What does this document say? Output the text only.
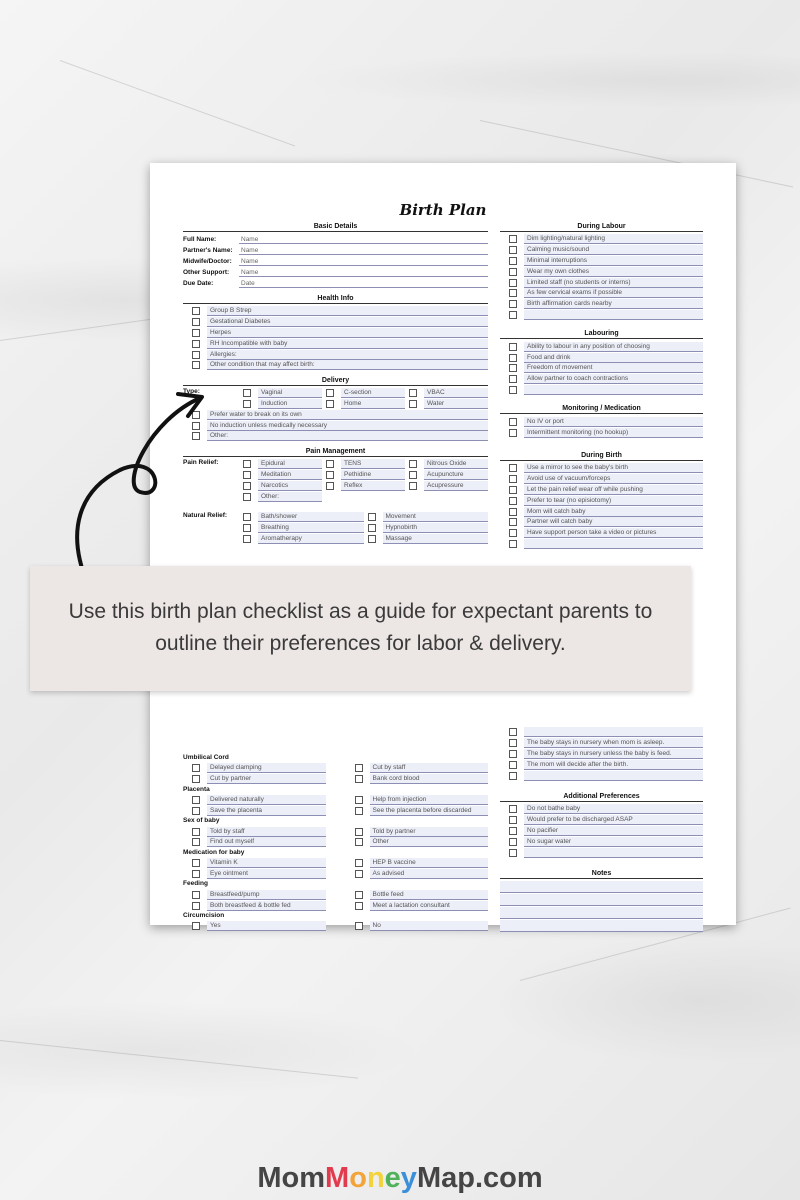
Birth Plan
Basic Details
Full Name:	Name
Partner's Name:	Name
Midwife/Doctor:	Name
Other Support:	Name
Due Date:	Date
Health Info
Group B Strep
Gestational Diabetes
Herpes
RH Incompatible with baby
Allergies:
Other condition that may affect birth:
Delivery
Type:	Vaginal	C-section	VBAC
Induction	Home	Water
Prefer water to break on its own
No induction unless medically necessary
Other:
Pain Management
Pain Relief:	Epidural	TENS	Nitrous Oxide
Meditation	Pethidine	Acupuncture
Narcotics	Reflex	Acupressure
Other:
Natural Relief:	Bath/shower	Movement
Breathing	Hypnobirth
Aromatherapy	Massage
Umbilical Cord
Delayed clamping	Cut by staff
Cut by partner	Bank cord blood
Placenta
Delivered naturally	Help from injection
Save the placenta	See the placenta before discarded
Sex of baby
Told by staff	Told by partner
Find out myself	Other
Medication for baby
Vitamin K	HEP B vaccine
Eye ointment	As advised
Feeding
Breastfeed/pump	Bottle feed
Both breastfeed & bottle fed	Meet a lactation consultant
Circumcision
Yes	No
During Labour
Dim lighting/natural lighting
Calming music/sound
Minimal interruptions
Wear my own clothes
Limited staff (no students or interns)
As few cervical exams if possible
Birth affirmation cards nearby
Labouring
Ability to labour in any position of choosing
Food and drink
Freedom of movement
Allow partner to coach contractions
Monitoring / Medication
No IV or port
Intermittent monitoring (no hookup)
During Birth
Use a mirror to see the baby's birth
Avoid use of vacuum/forceps
Let the pain relief wear off while pushing
Prefer to tear (no episiotomy)
Mom will catch baby
Partner will catch baby
Have support person take a video or pictures
The baby stays in nursery when mom is asleep.
The baby stays in nursery unless the baby is feed.
The mom will decide after the birth.
Additional Preferences
Do not bathe baby
Would prefer to be discharged ASAP
No pacifier
No sugar water
Notes
Use this birth plan checklist as a guide for expectant parents to outline their preferences for labor & delivery.
MomMoneyMap.com
